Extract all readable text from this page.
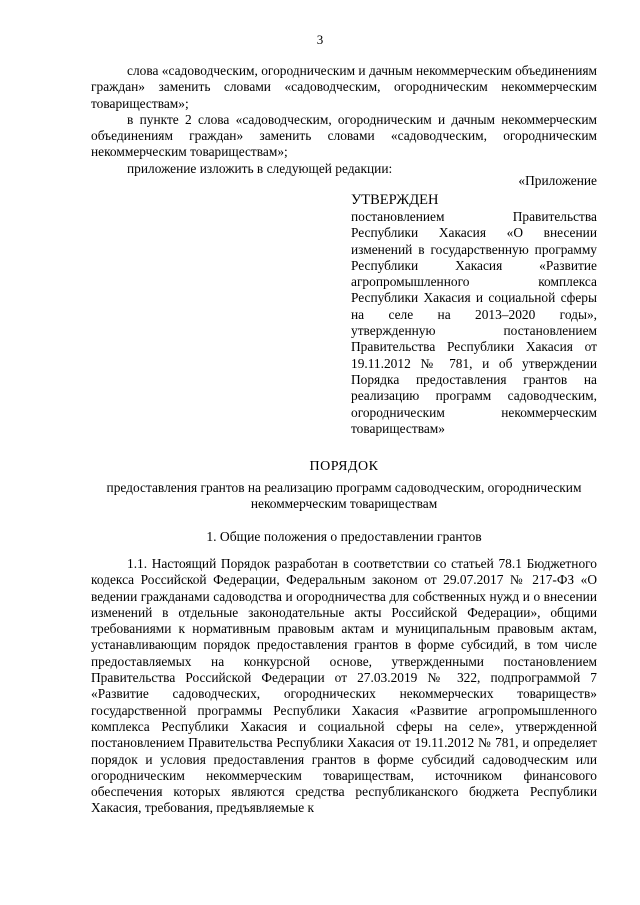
3

слова «садоводческим, огородническим и дачным некоммерческим объединениям граждан» заменить словами «садоводческим, огородническим некоммерческим товариществам»;

в пункте 2 слова «садоводческим, огородническим и дачным некоммерческим объединениям граждан» заменить словами «садоводческим, огородническим некоммерческим товариществам»;

приложение изложить в следующей редакции:

«Приложение
УТВЕРЖДЕН
постановлением Правительства Республики Хакасия «О внесении изменений в государственную программу Республики Хакасия «Развитие агропромышленного комплекса Республики Хакасия и социальной сферы на селе на 2013–2020 годы», утвержденную постановлением Правительства Республики Хакасия от 19.11.2012 № 781, и об утверждении Порядка предоставления грантов на реализацию программ садоводческим, огородническим некоммерческим товариществам»
ПОРЯДОК
предоставления грантов на реализацию программ садоводческим, огородническим некоммерческим товариществам
1. Общие положения о предоставлении грантов

1.1. Настоящий Порядок разработан в соответствии со статьей 78.1 Бюджетного кодекса Российской Федерации, Федеральным законом от 29.07.2017 № 217-ФЗ «О ведении гражданами садоводства и огородничества для собственных нужд и о внесении изменений в отдельные законодательные акты Российской Федерации», общими требованиями к нормативным правовым актам и муниципальным правовым актам, устанавливающим порядок предоставления грантов в форме субсидий, в том числе предоставляемых на конкурсной основе, утвержденными постановлением Правительства Российской Федерации от 27.03.2019 № 322, подпрограммой 7 «Развитие садоводческих, огороднических некоммерческих товариществ» государственной программы Республики Хакасия «Развитие агропромышленного комплекса Республики Хакасия и социальной сферы на селе», утвержденной постановлением Правительства Республики Хакасия от 19.11.2012 № 781, и определяет порядок и условия предоставления грантов в форме субсидий садоводческим или огородническим некоммерческим товариществам, источником финансового обеспечения которых являются средства республиканского бюджета Республики Хакасия, требования, предъявляемые к
